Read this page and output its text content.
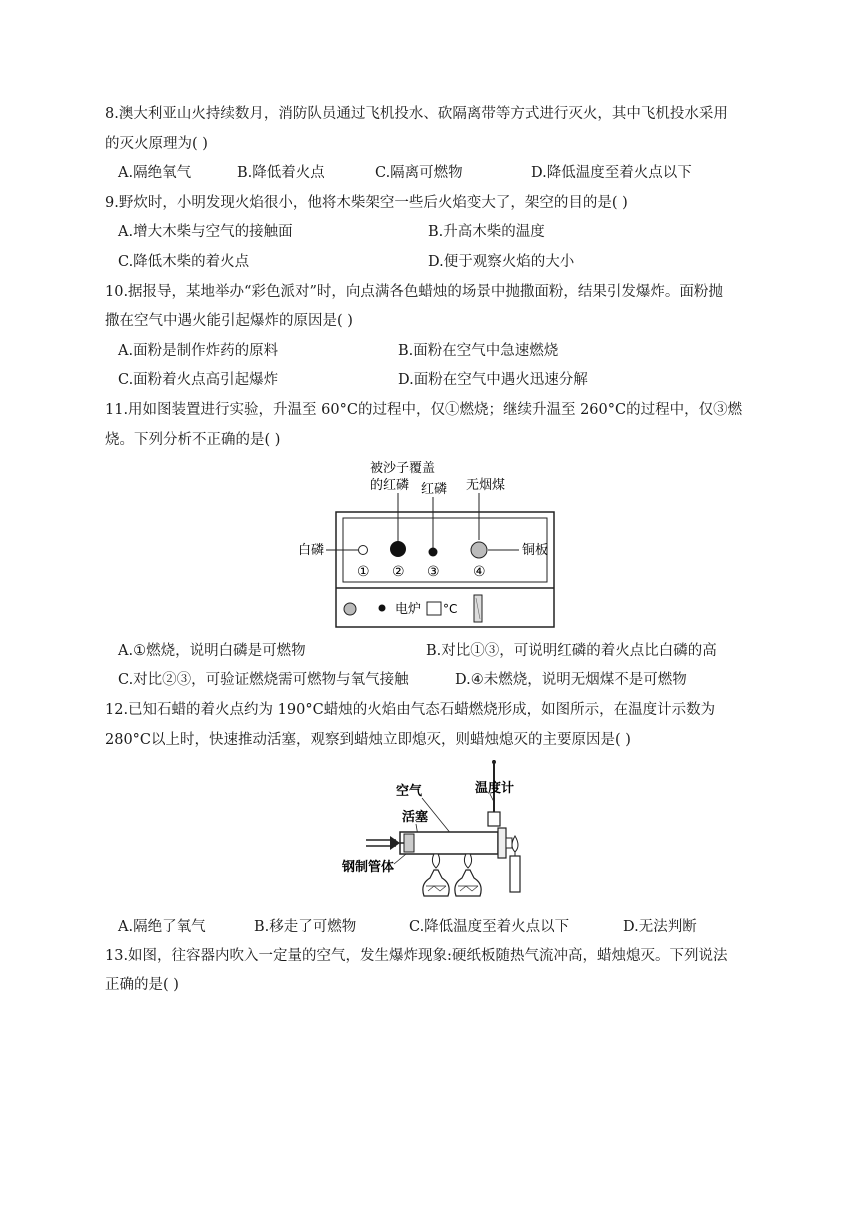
8.澳大利亚山火持续数月，消防队员通过飞机投水、砍隔离带等方式进行灭火，其中飞机投水采用
的灭火原理为( )
A.隔绝氧气	B.降低着火点	C.隔离可燃物	D.降低温度至着火点以下
9.野炊时，小明发现火焰很小，他将木柴架空一些后火焰变大了，架空的目的是( )
A.增大木柴与空气的接触面	B.升高木柴的温度
C.降低木柴的着火点	D.便于观察火焰的大小
10.据报导，某地举办“彩色派对”时，向点满各色蜡烛的场景中抛撒面粉，结果引发爆炸。面粉抛
撒在空气中遇火能引起爆炸的原因是( )
A.面粉是制作炸药的原料	B.面粉在空气中急速燃烧
C.面粉着火点高引起爆炸	D.面粉在空气中遇火迅速分解
11.用如图装置进行实验，升温至 60°C的过程中，仅①燃烧；继续升温至 260°C的过程中，仅③燃
烧。下列分析不正确的是( )
被沙子覆盖
的红磷 红磷 无烟煤
白磷	铜板
① ② ③ ④
电炉 °C
A.①燃烧，说明白磷是可燃物	B.对比①③，可说明红磷的着火点比白磷的高
C.对比②③，可验证燃烧需可燃物与氧气接触	D.④未燃烧，说明无烟煤不是可燃物
12.已知石蜡的着火点约为 190°C蜡烛的火焰由气态石蜡燃烧形成，如图所示，在温度计示数为
280°C以上时，快速推动活塞，观察到蜡烛立即熄灭，则蜡烛熄灭的主要原因是( )
温度计
空气
活塞
钢制管体
A.隔绝了氧气	B.移走了可燃物	C.降低温度至着火点以下	D.无法判断
13.如图，往容器内吹入一定量的空气，发生爆炸现象:硬纸板随热气流冲高，蜡烛熄灭。下列说法
正确的是( )
